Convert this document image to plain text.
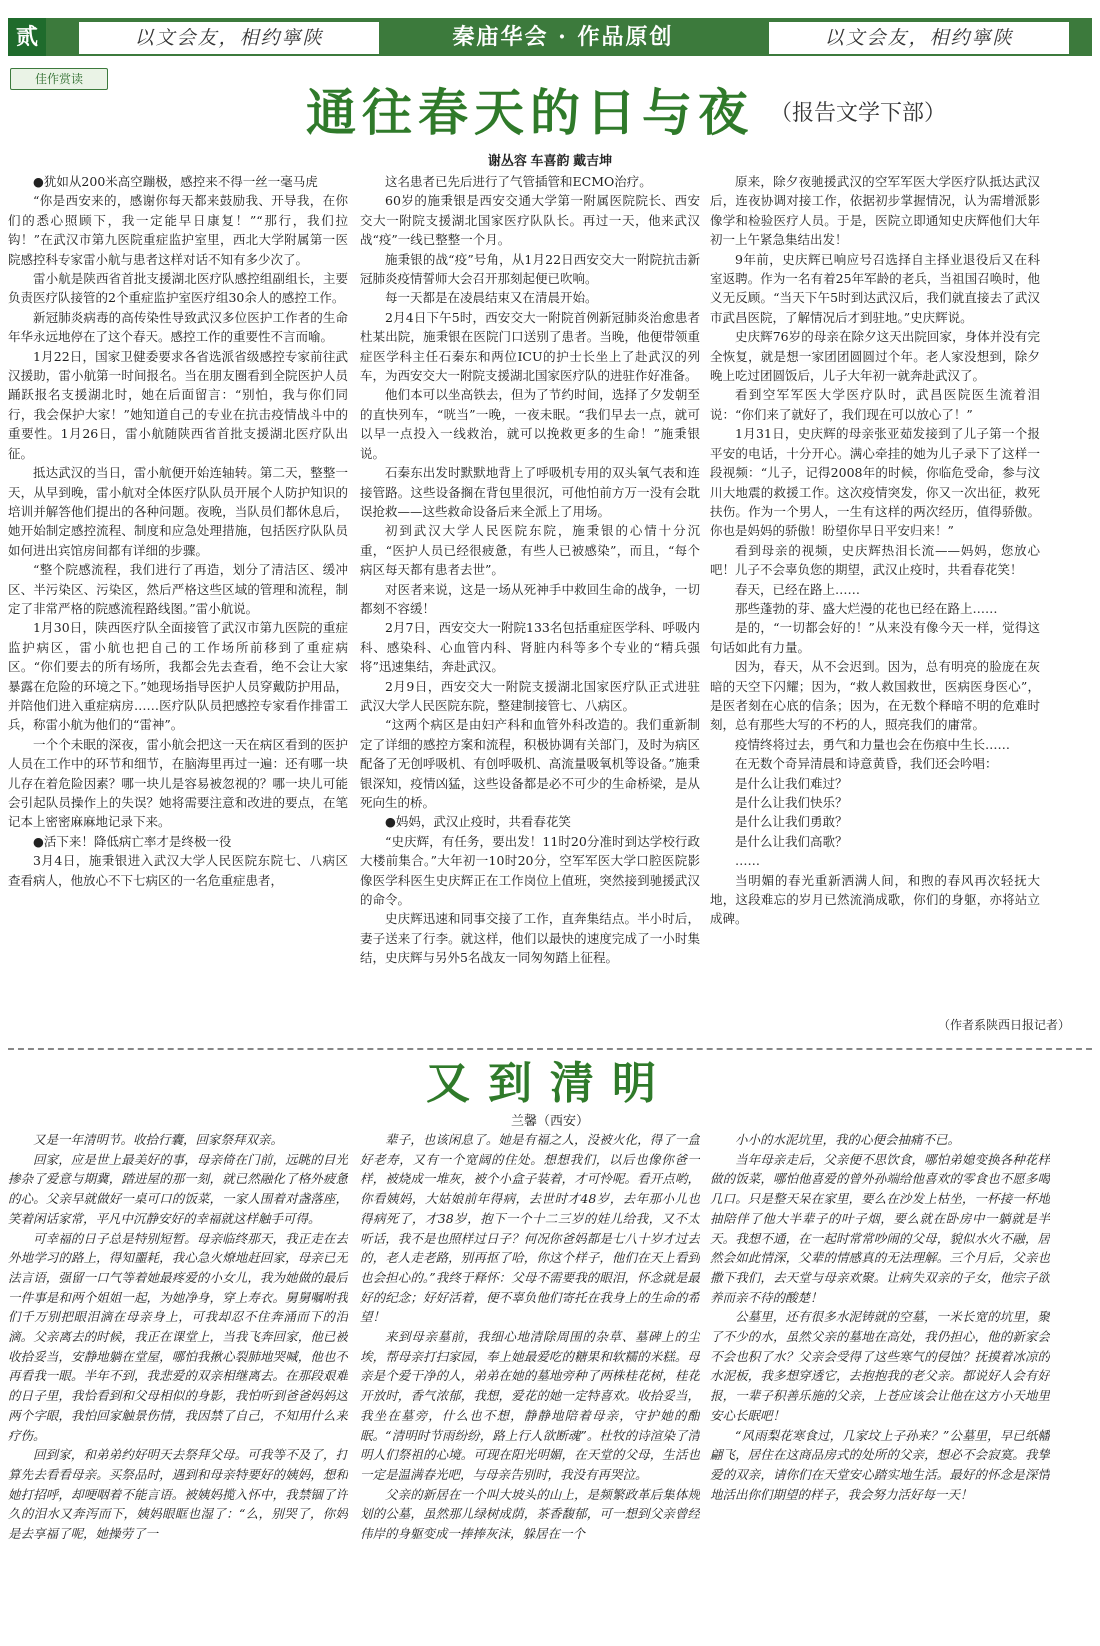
贰	以文会友，相约寧陕	秦庙华会 · 作品原创	以文会友，相约寧陕
佳作赏读
通往春天的日与夜 （报告文学下部）
谢丛容 车喜韵 戴吉坤

●犹如从200米高空蹦极，感控来不得一丝一毫马虎

“你是西安来的，感谢你每天都来鼓励我、开导我，在你们的悉心照顾下，我一定能早日康复！”“那行，我们拉钩！”在武汉市第九医院重症监护室里，西北大学附属第一医院感控科专家雷小航与患者这样对话不知有多少次了。

雷小航是陕西省首批支援湖北医疗队感控组副组长，主要负责医疗队接管的2个重症监护室医疗组30余人的感控工作。

新冠肺炎病毒的高传染性导致武汉多位医护工作者的生命年华永远地停在了这个春天。感控工作的重要性不言而喻。

1月22日，国家卫健委要求各省选派省级感控专家前往武汉援助，雷小航第一时间报名。当在朋友圈看到全院医护人员踊跃报名支援湖北时，她在后面留言：“别怕，我与你们同行，我会保护大家！”她知道自己的专业在抗击疫情战斗中的重要性。1月26日，雷小航随陕西省首批支援湖北医疗队出征。

抵达武汉的当日，雷小航便开始连轴转。第二天，整整一天，从早到晚，雷小航对全体医疗队队员开展个人防护知识的培训并解答他们提出的各种问题。夜晚，当队员们都休息后，她开始制定感控流程、制度和应急处理措施，包括医疗队队员如何进出宾馆房间都有详细的步骤。

“整个院感流程，我们进行了再造，划分了清洁区、缓冲区、半污染区、污染区，然后严格这些区域的管理和流程，制定了非常严格的院感流程路线图。”雷小航说。

1月30日，陕西医疗队全面接管了武汉市第九医院的重症监护病区，雷小航也把自己的工作场所前移到了重症病区。“你们要去的所有场所，我都会先去查看，绝不会让大家暴露在危险的环境之下。”她现场指导医护人员穿戴防护用品，并陪他们进入重症病房……医疗队队员把感控专家看作排雷工兵，称雷小航为他们的“雷神”。

一个个未眠的深夜，雷小航会把这一天在病区看到的医护人员在工作中的环节和细节，在脑海里再过一遍：还有哪一块儿存在着危险因素？哪一块儿是容易被忽视的？哪一块儿可能会引起队员操作上的失误？她将需要注意和改进的要点，在笔记本上密密麻麻地记录下来。

●活下来！降低病亡率才是终极一役

3月4日，施秉银进入武汉大学人民医院东院七、八病区查看病人，他放心不下七病区的一名危重症患者，

这名患者已先后进行了气管插管和ECMO治疗。

60岁的施秉银是西安交通大学第一附属医院院长、西安交大一附院支援湖北国家医疗队队长。再过一天，他来武汉战“疫”一线已整整一个月。

施秉银的战“疫”号角，从1月22日西安交大一附院抗击新冠肺炎疫情誓师大会召开那刻起便已吹响。

每一天都是在凌晨结束又在清晨开始。

2月4日下午5时，西安交大一附院首例新冠肺炎治愈患者杜某出院，施秉银在医院门口送别了患者。当晚，他便带领重症医学科主任石秦东和两位ICU的护士长坐上了赴武汉的列车，为西安交大一附院支援湖北国家医疗队的进驻作好准备。

他们本可以坐高铁去，但为了节约时间，选择了夕发朝至的直快列车，“咣当”一晚，一夜未眠。“我们早去一点，就可以早一点投入一线救治，就可以挽救更多的生命！”施秉银说。

石秦东出发时默默地背上了呼吸机专用的双头氧气表和连接管路。这些设备搁在背包里很沉，可他怕前方万一没有会耽误抢救——这些救命设备后来全派上了用场。

初到武汉大学人民医院东院，施秉银的心情十分沉重，“医护人员已经很疲惫，有些人已被感染”，而且，“每个病区每天都有患者去世”。

对医者来说，这是一场从死神手中救回生命的战争，一切都刻不容缓！

2月7日，西安交大一附院133名包括重症医学科、呼吸内科、感染科、心血管内科、肾脏内科等多个专业的“精兵强将”迅速集结，奔赴武汉。

2月9日，西安交大一附院支援湖北国家医疗队正式进驻武汉大学人民医院东院，整建制接管七、八病区。

“这两个病区是由妇产科和血管外科改造的。我们重新制定了详细的感控方案和流程，积极协调有关部门，及时为病区配备了无创呼吸机、有创呼吸机、高流量吸氧机等设备。”施秉银深知，疫情凶猛，这些设备都是必不可少的生命桥梁，是从死向生的桥。

●妈妈，武汉止疫时，共看春花笑

“史庆辉，有任务，要出发！11时20分准时到达学校行政大楼前集合。”大年初一10时20分，空军军医大学口腔医院影像医学科医生史庆辉正在工作岗位上值班，突然接到驰援武汉的命令。

史庆辉迅速和同事交接了工作，直奔集结点。半小时后，妻子送来了行李。就这样，他们以最快的速度完成了一小时集结，史庆辉与另外5名战友一同匆匆踏上征程。

原来，除夕夜驰援武汉的空军军医大学医疗队抵达武汉后，连夜协调对接工作，依据初步掌握情况，认为需增派影像学和检验医疗人员。于是，医院立即通知史庆辉他们大年初一上午紧急集结出发！

9年前，史庆辉已响应号召选择自主择业退役后又在科室返聘。作为一名有着25年军龄的老兵，当祖国召唤时，他义无反顾。“当天下午5时到达武汉后，我们就直接去了武汉市武昌医院，了解情况后才到驻地。”史庆辉说。

史庆辉76岁的母亲在除夕这天出院回家，身体并没有完全恢复，就是想一家团团圆圆过个年。老人家没想到，除夕晚上吃过团圆饭后，儿子大年初一就奔赴武汉了。

看到空军军医大学医疗队时，武昌医院医生流着泪说：“你们来了就好了，我们现在可以放心了！”

1月31日，史庆辉的母亲张亚茹发接到了儿子第一个报平安的电话，十分开心。满心牵挂的她为儿子录下了这样一段视频：“儿子，记得2008年的时候，你临危受命，参与汶川大地震的救援工作。这次疫情突发，你又一次出征，救死扶伤。作为一个男人，一生有这样的两次经历，值得骄傲。你也是妈妈的骄傲！盼望你早日平安归来！”

看到母亲的视频，史庆辉热泪长流——妈妈，您放心吧！儿子不会辜负您的期望，武汉止疫时，共看春花笑！

春天，已经在路上……

那些蓬勃的芽、盛大烂漫的花也已经在路上……

是的，“一切都会好的！”从来没有像今天一样，觉得这句话如此有力量。

因为，春天，从不会迟到。因为，总有明亮的脸庞在灰暗的天空下闪耀；因为，“救人救国救世，医病医身医心”，是医者刻在心底的信条；因为，在无数个释暗不明的危难时刻，总有那些大写的不朽的人，照亮我们的庸常。

疫情终将过去，勇气和力量也会在伤痕中生长……

在无数个奇异清晨和诗意黄昏，我们还会吟唱：

是什么让我们难过？

是什么让我们快乐？

是什么让我们勇敢？

是什么让我们高歌？

……

当明媚的春光重新洒满人间，和煦的春风再次轻抚大地，这段难忘的岁月已然流淌成歌，你们的身躯，亦将站立成碑。

（作者系陕西日报记者）
又到清明
兰馨（西安）

又是一年清明节。收拾行囊，回家祭拜双亲。

回家，应是世上最美好的事，母亲倚在门前，远眺的目光掺杂了爱意与期冀，踏进屋的那一刻，就已然融化了格外疲惫的心。父亲早就做好一桌可口的饭菜，一家人围着对盏落座，笑着闲话家常，平凡中沉静安好的幸福就这样触手可得。

可幸福的日子总是特别短暂。母亲临终那天，我正走在去外地学习的路上，得知噩耗，我心急火燎地赶回家，母亲已无法言语，强留一口气等着她最疼爱的小女儿，我为她做的最后一件事是和两个姐姐一起，为她净身，穿上寿衣。舅舅嘱咐我们千万别把眼泪滴在母亲身上，可我却忍不住奔涌而下的泪滴。父亲离去的时候，我正在课堂上，当我飞奔回家，他已被收拾妥当，安静地躺在堂屋，哪怕我揪心裂肺地哭喊，他也不再看我一眼。半年不到，我悲爱的双亲相继离去。在那段艰难的日子里，我恰看到和父母相似的身影，我怕听到爸爸妈妈这两个字眼，我怕回家触景伤情，我因禁了自己，不知用什么来疗伤。

回到家，和弟弟约好明天去祭拜父母。可我等不及了，打算先去看看母亲。买祭品时，遇到和母亲特要好的姨妈，想和她打招呼，却哽咽着不能言语。被姨妈揽入怀中，我禁锢了许久的泪水又奔泻而下，姨妈眼眶也湿了：“么，别哭了，你妈是去享福了呢，她操劳了一

辈子，也该闲息了。她是有福之人，没被火化，得了一盒好老寿，又有一个宽阔的住处。想想我们，以后也像你爸一样，被烧成一堆灰，被个小盒子装着，才可怜呢。看开点哟，你看姨妈，大姑娘前年得病，去世时才48岁，去年那小儿也得病死了，才38岁，抱下一个十二三岁的娃儿给我，又不太听话，我不是也照样过日子？何况你爸妈都是七八十岁才过去的，老人走老路，别再抠了哈，你这个样子，他们在天上看到也会担心的。”我终于释怀：父母不需要我的眼泪，怀念就是最好的纪念；好好活着，便不辜负他们寄托在我身上的生命的希望！

来到母亲墓前，我细心地清除周围的杂草、墓碑上的尘埃，帮母亲打扫家园，奉上她最爱吃的糖果和软糯的米糕。母亲是个爱干净的人，弟弟在她的墓地旁种了两株桂花树，桂花开放时，香气浓郁，我想，爱花的她一定特喜欢。收拾妥当，我坐在墓旁，什么也不想，静静地陪着母亲，守护她的酣眠。“清明时节雨纷纷，路上行人欲断魂”。杜牧的诗渲染了清明人们祭祖的心境。可现在阳光明媚，在天堂的父母，生活也一定是温满春光吧，与母亲告别时，我没有再哭泣。

父亲的新居在一个叫大坡头的山上，是频繁政革后集体规划的公墓，虽然那儿绿树成荫，茶香馥郁，可一想到父亲曾经伟岸的身躯变成一捧捧灰沫，躲居在一个

小小的水泥坑里，我的心便会抽痛不已。

当年母亲走后，父亲便不思饮食，哪怕弟媳变换各种花样做的饭菜，哪怕他喜爱的曾外孙端给他喜欢的零食也不愿多喝几口。只是整天呆在家里，要么在沙发上枯坐，一杯接一杯地抽陪伴了他大半辈子的叶子烟，要么就在卧房中一躺就是半天。我想不通，在一起时常常吵闹的父母，貌似水火不融，居然会如此情深，父辈的情感真的无法理解。三个月后，父亲也撒下我们，去天堂与母亲欢聚。让病失双亲的子女，他宗子欲养而亲不待的酸楚！

公墓里，还有很多水泥铸就的空墓，一米长宽的坑里，聚了不少的水，虽然父亲的墓地在高处，我仍担心，他的新家会不会也积了水？父亲会受得了这些寒气的侵蚀？抚摸着冰凉的水泥板，我多想穿透它，去抱抱我的老父亲。都说好人会有好报，一辈子积善乐施的父亲，上苍应该会让他在这方小天地里安心长眠吧！

“风雨梨花寒食过，几家坟上子孙来？”公墓里，早已纸幡翩飞，居住在这商品房式的处所的父亲，想必不会寂寞。我挚爱的双亲，请你们在天堂安心踏实地生活。最好的怀念是深情地活出你们期望的样子，我会努力活好每一天！
